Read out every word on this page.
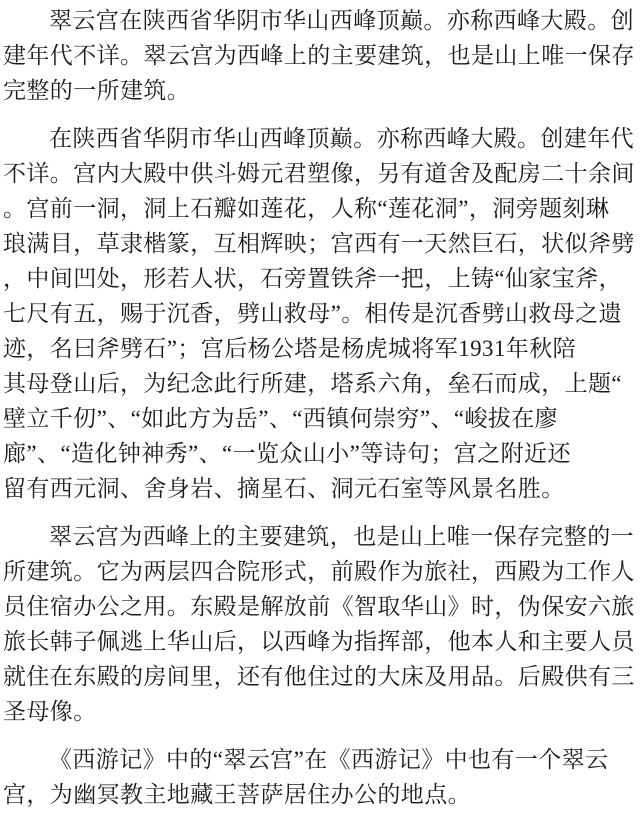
翠云宫在陕西省华阴市华山西峰顶巅。亦称西峰大殿。创
建年代不详。翠云宫为西峰上的主要建筑，也是山上唯一保存
完整的一所建筑。
在陕西省华阴市华山西峰顶巅。亦称西峰大殿。创建年代
不详。宫内大殿中供斗姆元君塑像，另有道舍及配房二十余间
。宫前一洞，洞上石瓣如莲花，人称“莲花洞”，洞旁题刻琳
琅满目，草隶楷篆，互相辉映；宫西有一天然巨石，状似斧劈
，中间凹处，形若人状，石旁置铁斧一把，上铸“仙家宝斧，
七尺有五，赐于沉香，劈山救母”。相传是沉香劈山救母之遗
迹，名曰斧劈石”；宫后杨公塔是杨虎城将军1931年秋陪
其母登山后，为纪念此行所建，塔系六角，垒石而成，上题“
壁立千仞”、“如此方为岳”、“西镇何崇穷”、“峻拔在廖
廊”、“造化钟神秀”、“一览众山小”等诗句；宫之附近还
留有西元洞、舍身岩、摘星石、洞元石室等风景名胜。
翠云宫为西峰上的主要建筑，也是山上唯一保存完整的一
所建筑。它为两层四合院形式，前殿作为旅社，西殿为工作人
员住宿办公之用。东殿是解放前《智取华山》时，伪保安六旅
旅长韩子佩逃上华山后，以西峰为指挥部，他本人和主要人员
就住在东殿的房间里，还有他住过的大床及用品。后殿供有三
圣母像。
《西游记》中的“翠云宫”在《西游记》中也有一个翠云
宫，为幽冥教主地藏王菩萨居住办公的地点。
